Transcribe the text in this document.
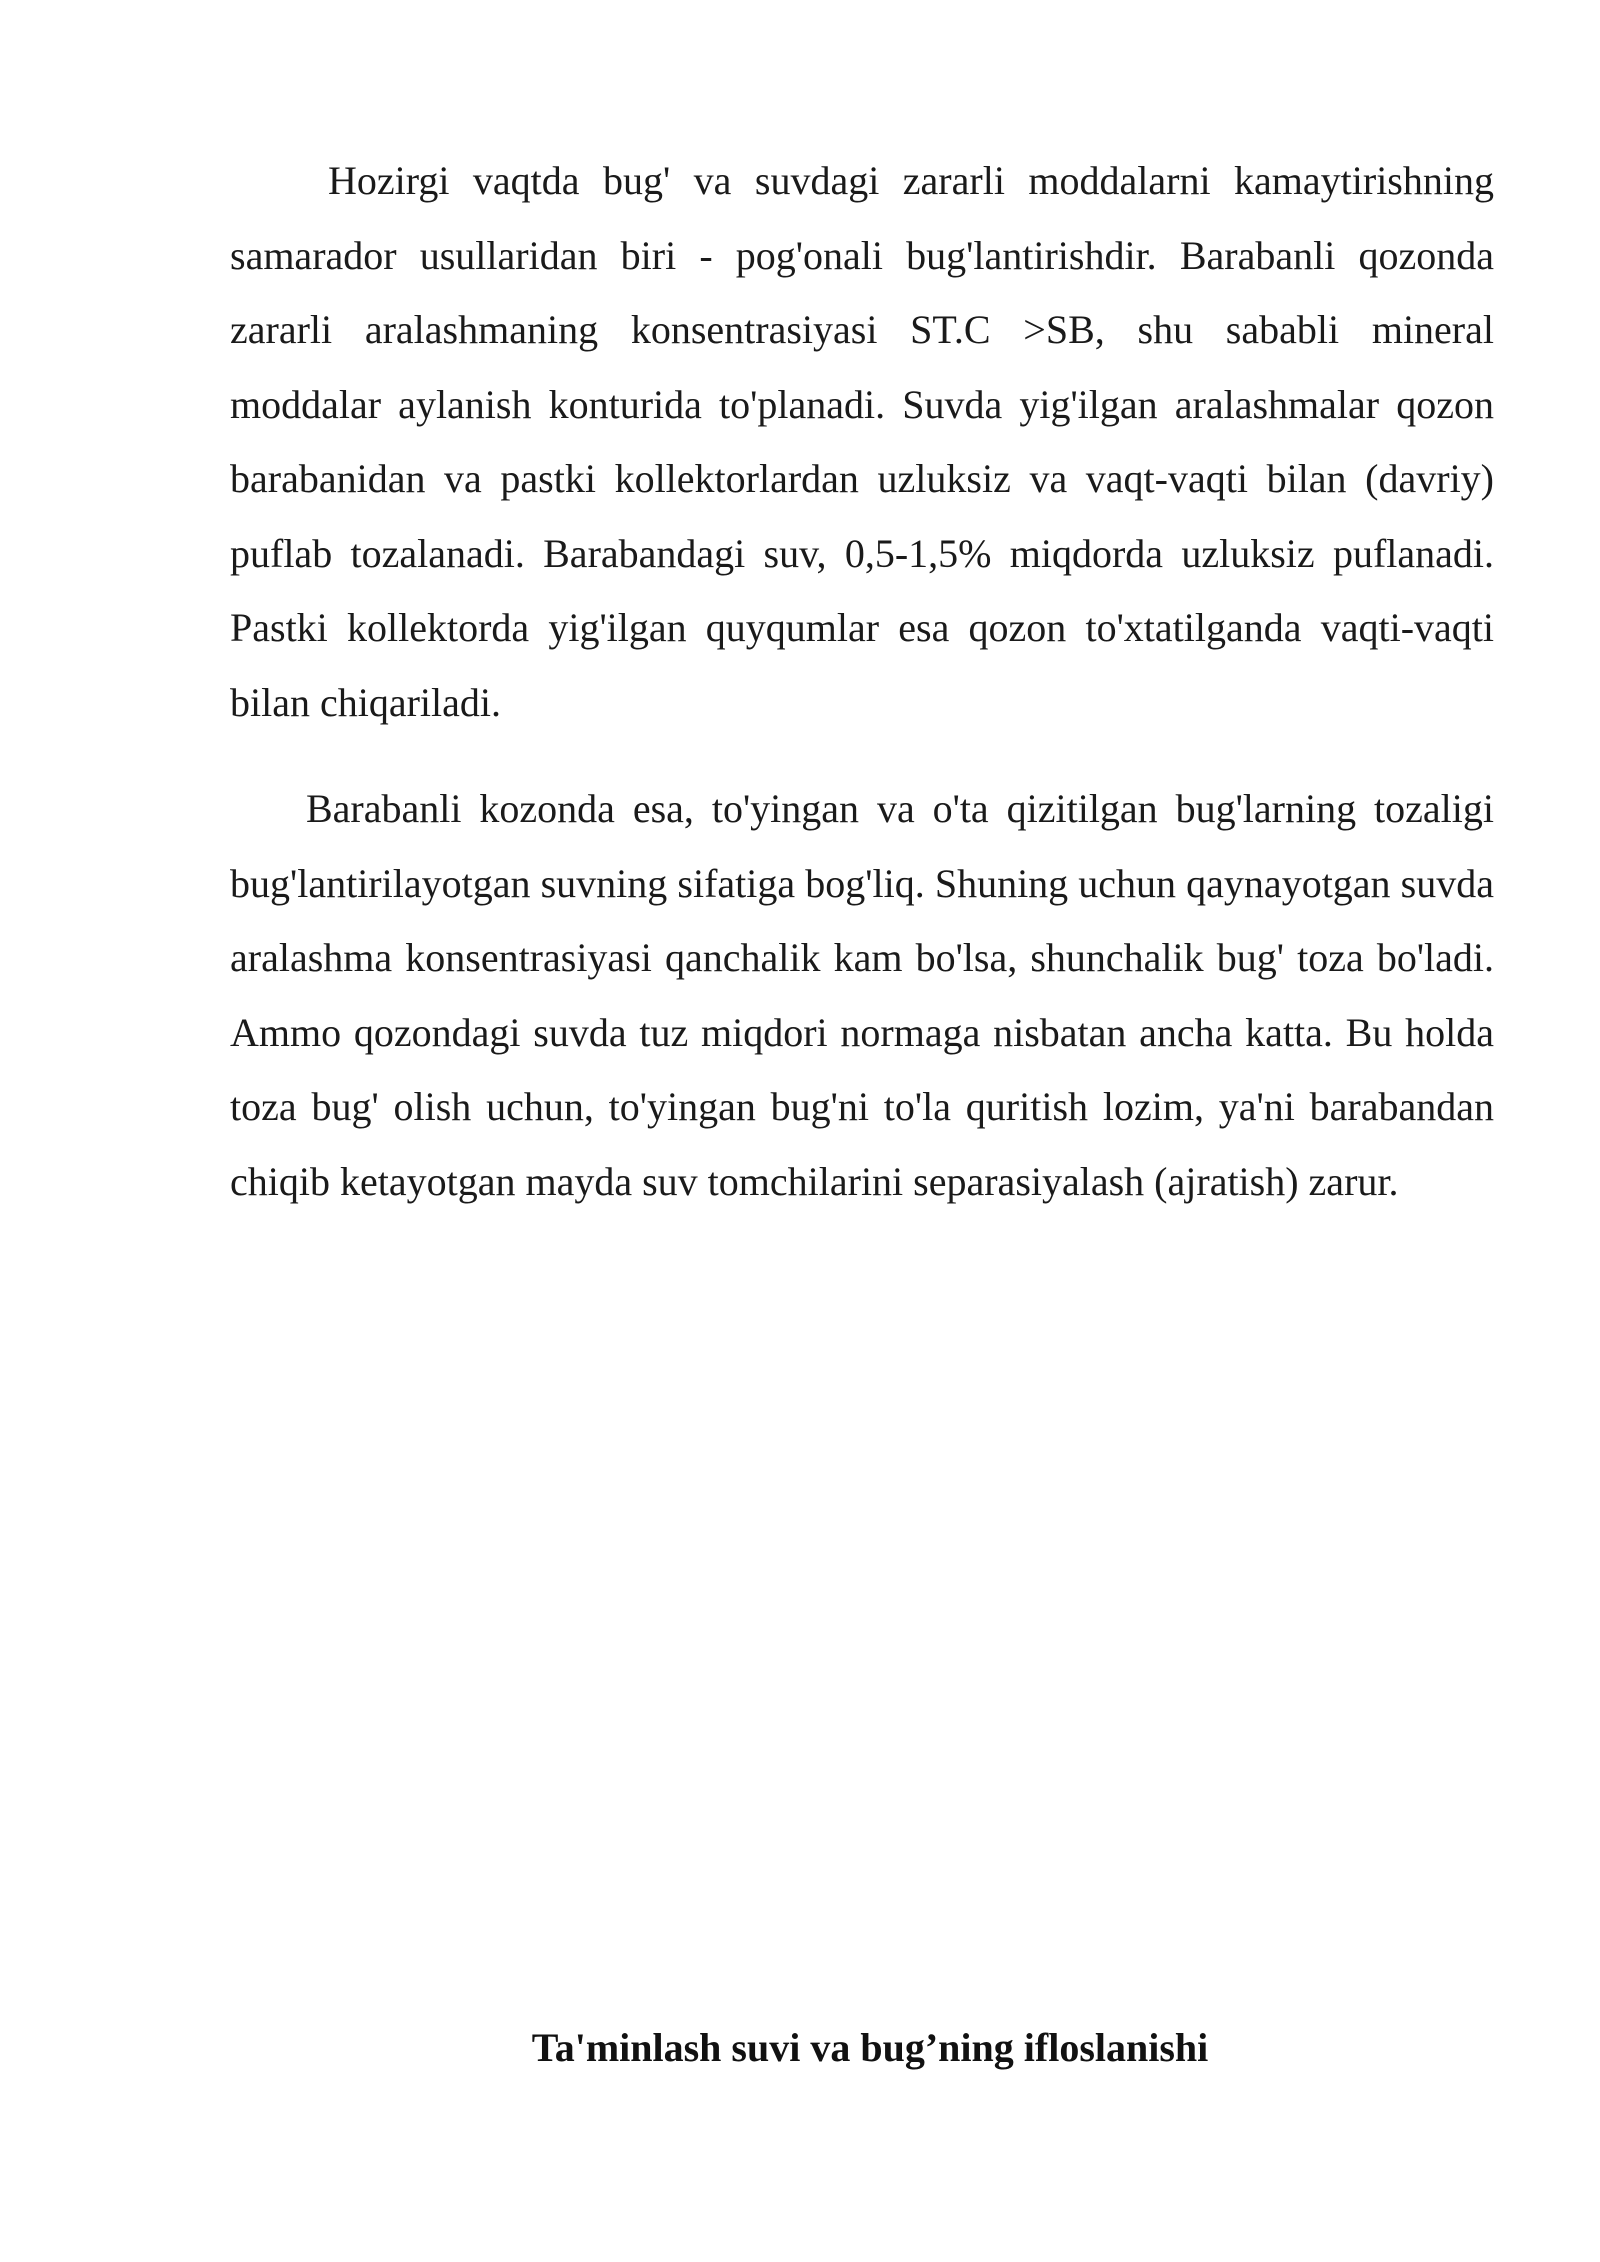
Hozirgi vaqtda bug' va suvdagi zararli moddalarni kamaytirishning samarador usullaridan biri - pog'onali bug'lantirishdir. Barabanli qozonda zararli aralashmaning konsentrasiyasi ST.C >SB, shu sababli mineral moddalar aylanish konturida to'planadi. Suvda yig'ilgan aralashmalar qozon barabanidan va pastki kollektorlardan uzluksiz va vaqt-vaqti bilan (davriy) puflab tozalanadi. Barabandagi suv, 0,5-1,5% miqdorda uzluksiz puflanadi. Pastki kollektorda yig'ilgan quyqumlar esa qozon to'xtatilganda vaqti-vaqti bilan chiqariladi.

Barabanli kozonda esa, to'yingan va o'ta qizitilgan bug'larning tozaligi bug'lantirilayotgan suvning sifatiga bog'liq. Shuning uchun qaynayotgan suvda aralashma konsentrasiyasi qanchalik kam bo'lsa, shunchalik bug' toza bo'ladi. Ammo qozondagi suvda tuz miqdori normaga nisbatan ancha katta. Bu holda toza bug' olish uchun, to'yingan bug'ni to'la quritish lozim, ya'ni barabandan chiqib ketayotgan mayda suv tomchilarini separasiyalash (ajratish) zarur.

Ta'minlash suvi va bug’ning ifloslanishi
